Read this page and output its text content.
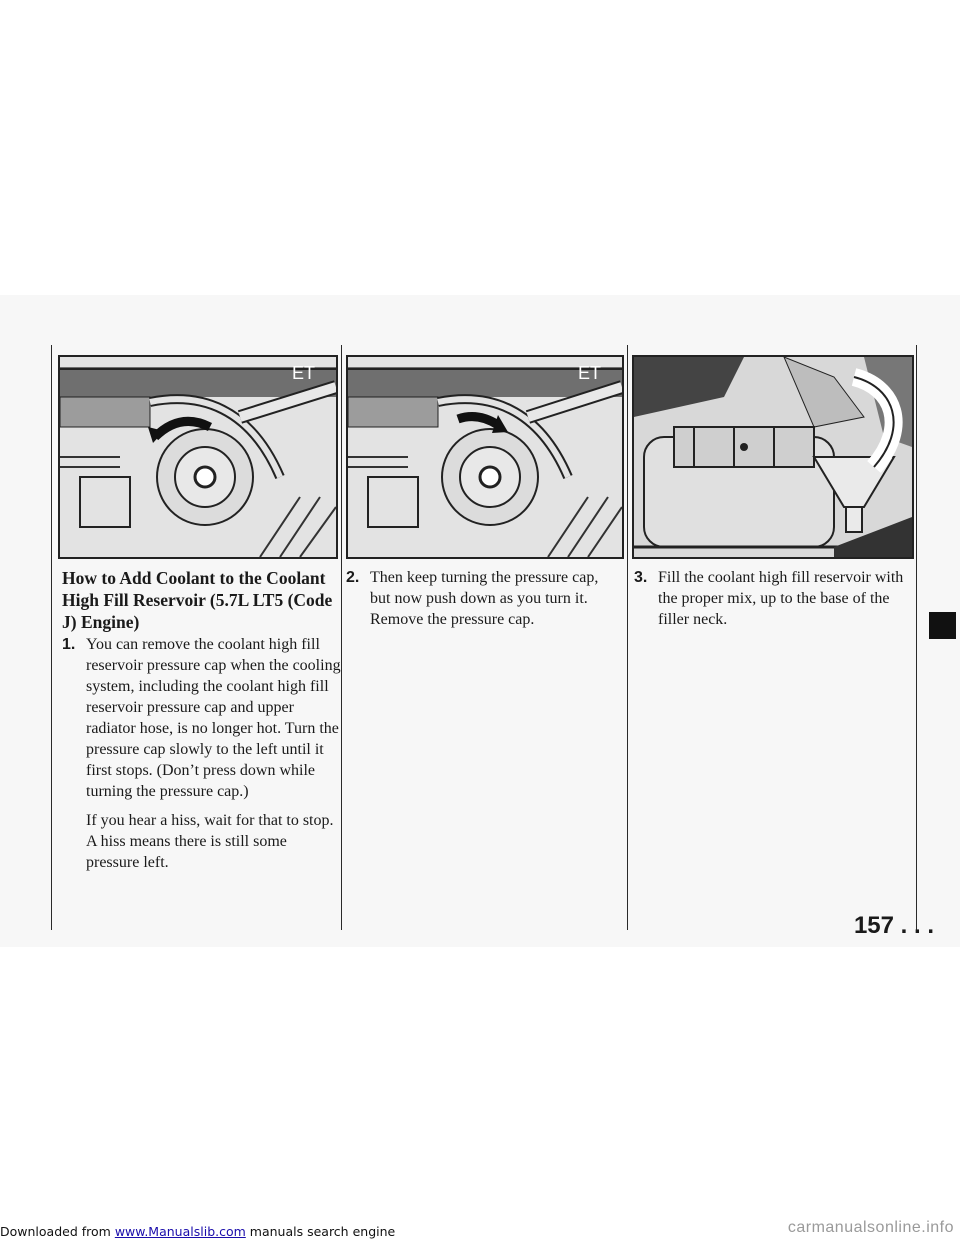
ET	ET
How to Add Coolant to the Coolant High Fill Reservoir (5.7L LT5 (Code J) Engine)
1. You can remove the coolant high fill reservoir pressure cap when the cooling system, including the coolant high fill reservoir pressure cap and upper radiator hose, is no longer hot. Turn the pressure cap slowly to the left until it first stops. (Don’t press down while turning the pressure cap.)

If you hear a hiss, wait for that to stop. A hiss means there is still some pressure left.

2. Then keep turning the pressure cap, but now push down as you turn it. Remove the pressure cap.

3. Fill the coolant high fill reservoir with the proper mix, up to the base of the filler neck.

157 . . .
Downloaded from www.Manualslib.com manuals search engine	carmanualsonline.info
